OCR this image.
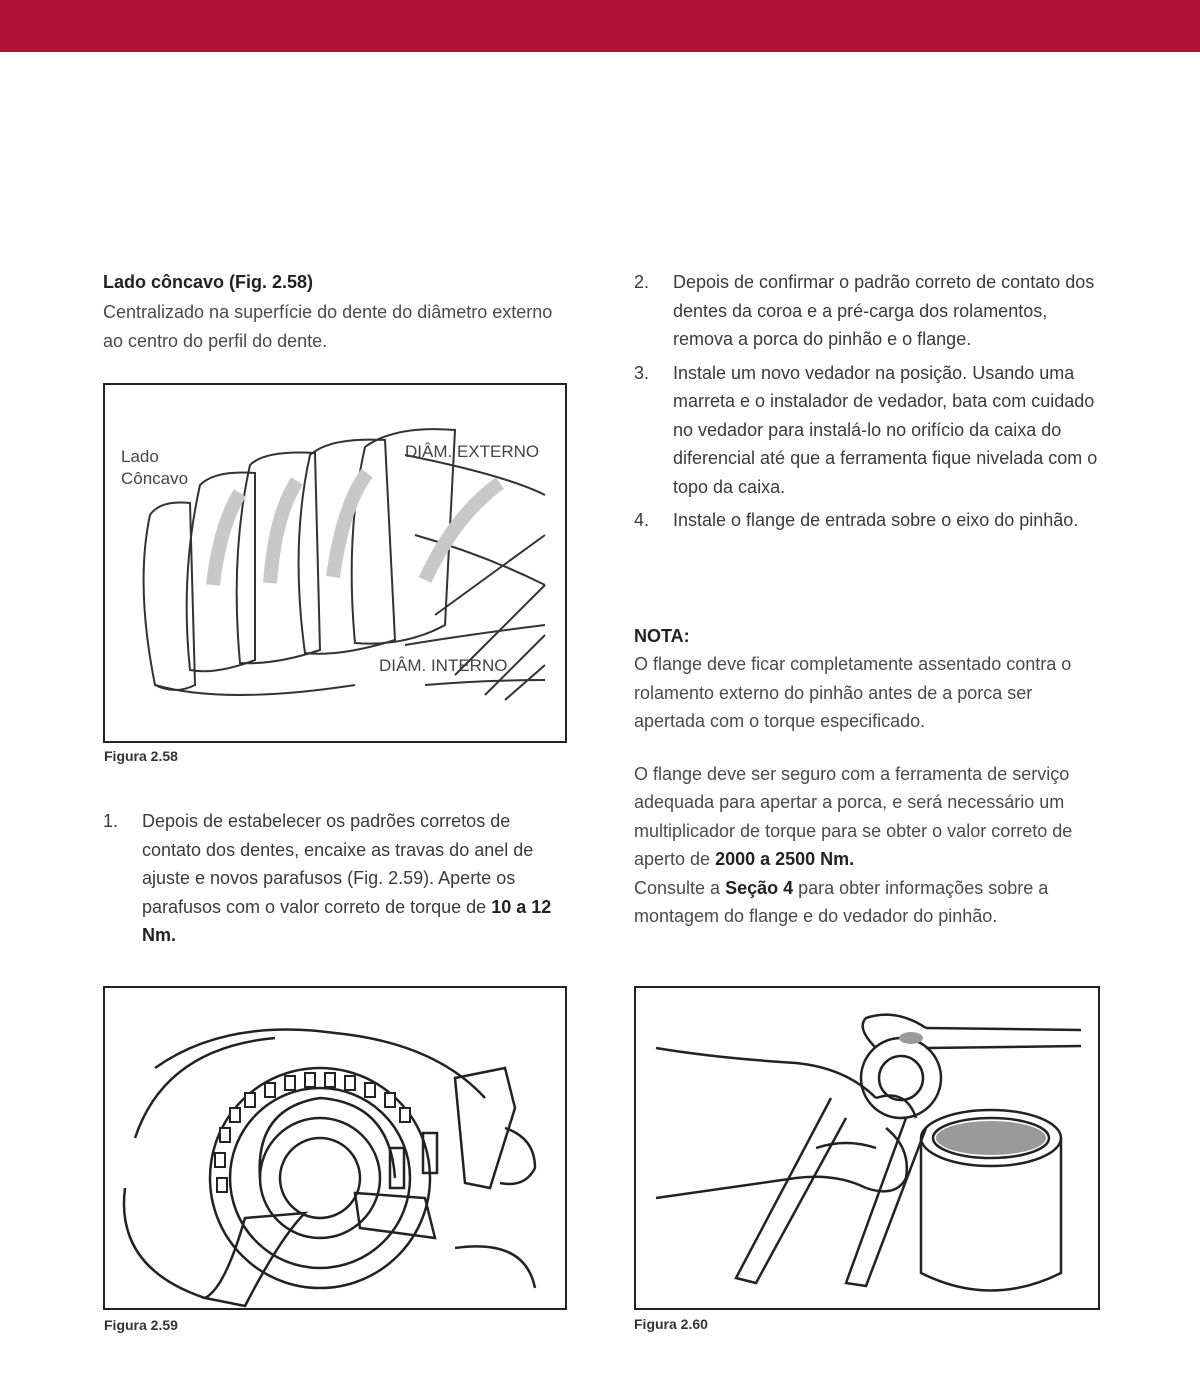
Lado côncavo (Fig. 2.58)

Centralizado na superfície do dente do diâmetro externo ao centro do perfil do dente.

Lado
Côncavo
DIÂM. EXTERNO
DIÂM. INTERNO
Figura 2.58
1. Depois de estabelecer os padrões corretos de contato dos dentes, encaixe as travas do anel de ajuste e novos parafusos (Fig. 2.59). Aperte os parafusos com o valor correto de torque de 10 a 12 Nm.
Figura 2.59
2. Depois de confirmar o padrão correto de contato dos dentes da coroa e a pré-carga dos rolamentos, remova a porca do pinhão e o flange.
3. Instale um novo vedador na posição. Usando uma marreta e o instalador de vedador, bata com cuidado no vedador para instalá-lo no orifício da caixa do diferencial até que a ferramenta fique nivelada com o topo da caixa.
4. Instale o flange de entrada sobre o eixo do pinhão.
NOTA:

O flange deve ficar completamente assentado contra o rolamento externo do pinhão antes de a porca ser apertada com o torque especificado.

O flange deve ser seguro com a ferramenta de serviço adequada para apertar a porca, e será necessário um multiplicador de torque para se obter o valor correto de aperto de 2000 a 2500 Nm.

Consulte a Seção 4 para obter informações sobre a montagem do flange e do vedador do pinhão.

Figura 2.60
